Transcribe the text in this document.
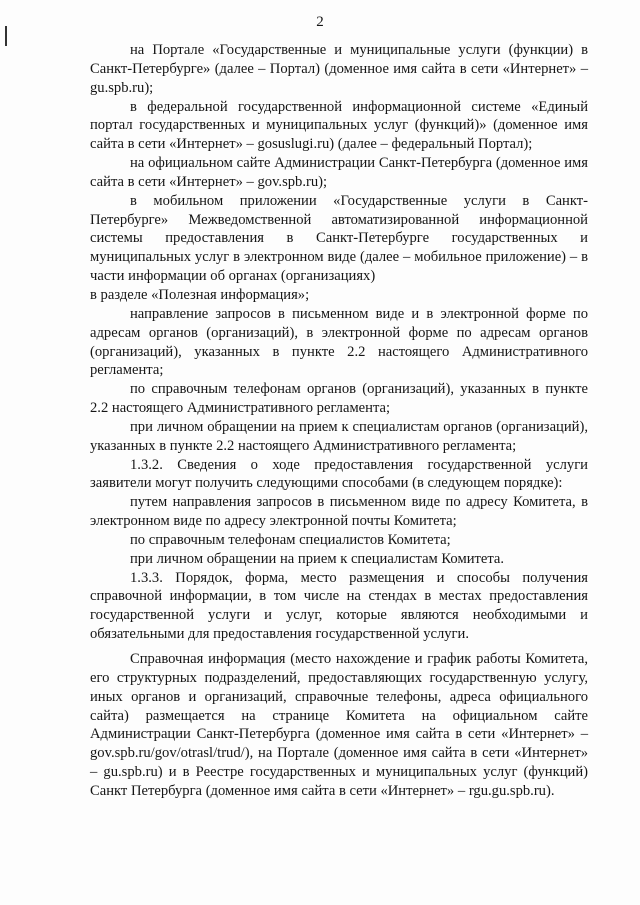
2

на Портале «Государственные и муниципальные услуги (функции) в Санкт-Петербурге» (далее – Портал) (доменное имя сайта в сети «Интернет» – gu.spb.ru);

в федеральной государственной информационной системе «Единый портал государственных и муниципальных услуг (функций)» (доменное имя сайта в сети «Интернет» – gosuslugi.ru) (далее – федеральный Портал);

на официальном сайте Администрации Санкт-Петербурга (доменное имя сайта в сети «Интернет» – gov.spb.ru);

в мобильном приложении «Государственные услуги в Санкт-Петербурге» Межведомственной автоматизированной информационной системы предоставления в Санкт-Петербурге государственных и муниципальных услуг в электронном виде (далее – мобильное приложение) – в части информации об органах (организациях)

в разделе «Полезная информация»;

направление запросов в письменном виде и в электронной форме по адресам органов (организаций), в электронной форме по адресам органов (организаций), указанных в пункте 2.2 настоящего Административного регламента;

по справочным телефонам органов (организаций), указанных в пункте 2.2 настоящего Административного регламента;

при личном обращении на прием к специалистам органов (организаций), указанных в пункте 2.2 настоящего Административного регламента;

1.3.2. Сведения о ходе предоставления государственной услуги заявители могут получить следующими способами (в следующем порядке):

путем направления запросов в письменном виде по адресу Комитета, в электронном виде по адресу электронной почты Комитета;

по справочным телефонам специалистов Комитета;

при личном обращении на прием к специалистам Комитета.

1.3.3. Порядок, форма, место размещения и способы получения справочной информации, в том числе на стендах в местах предоставления государственной услуги и услуг, которые являются необходимыми и обязательными для предоставления государственной услуги.

Справочная информация (место нахождение и график работы Комитета, его структурных подразделений, предоставляющих государственную услугу, иных органов и организаций, справочные телефоны, адреса официального сайта) размещается на странице Комитета на официальном сайте Администрации Санкт-Петербурга (доменное имя сайта в сети «Интернет» – gov.spb.ru/gov/otrasl/trud/), на Портале (доменное имя сайта в сети «Интернет» – gu.spb.ru) и в Реестре государственных и муниципальных услуг (функций) Санкт Петербурга (доменное имя сайта в сети «Интернет» – rgu.gu.spb.ru).
